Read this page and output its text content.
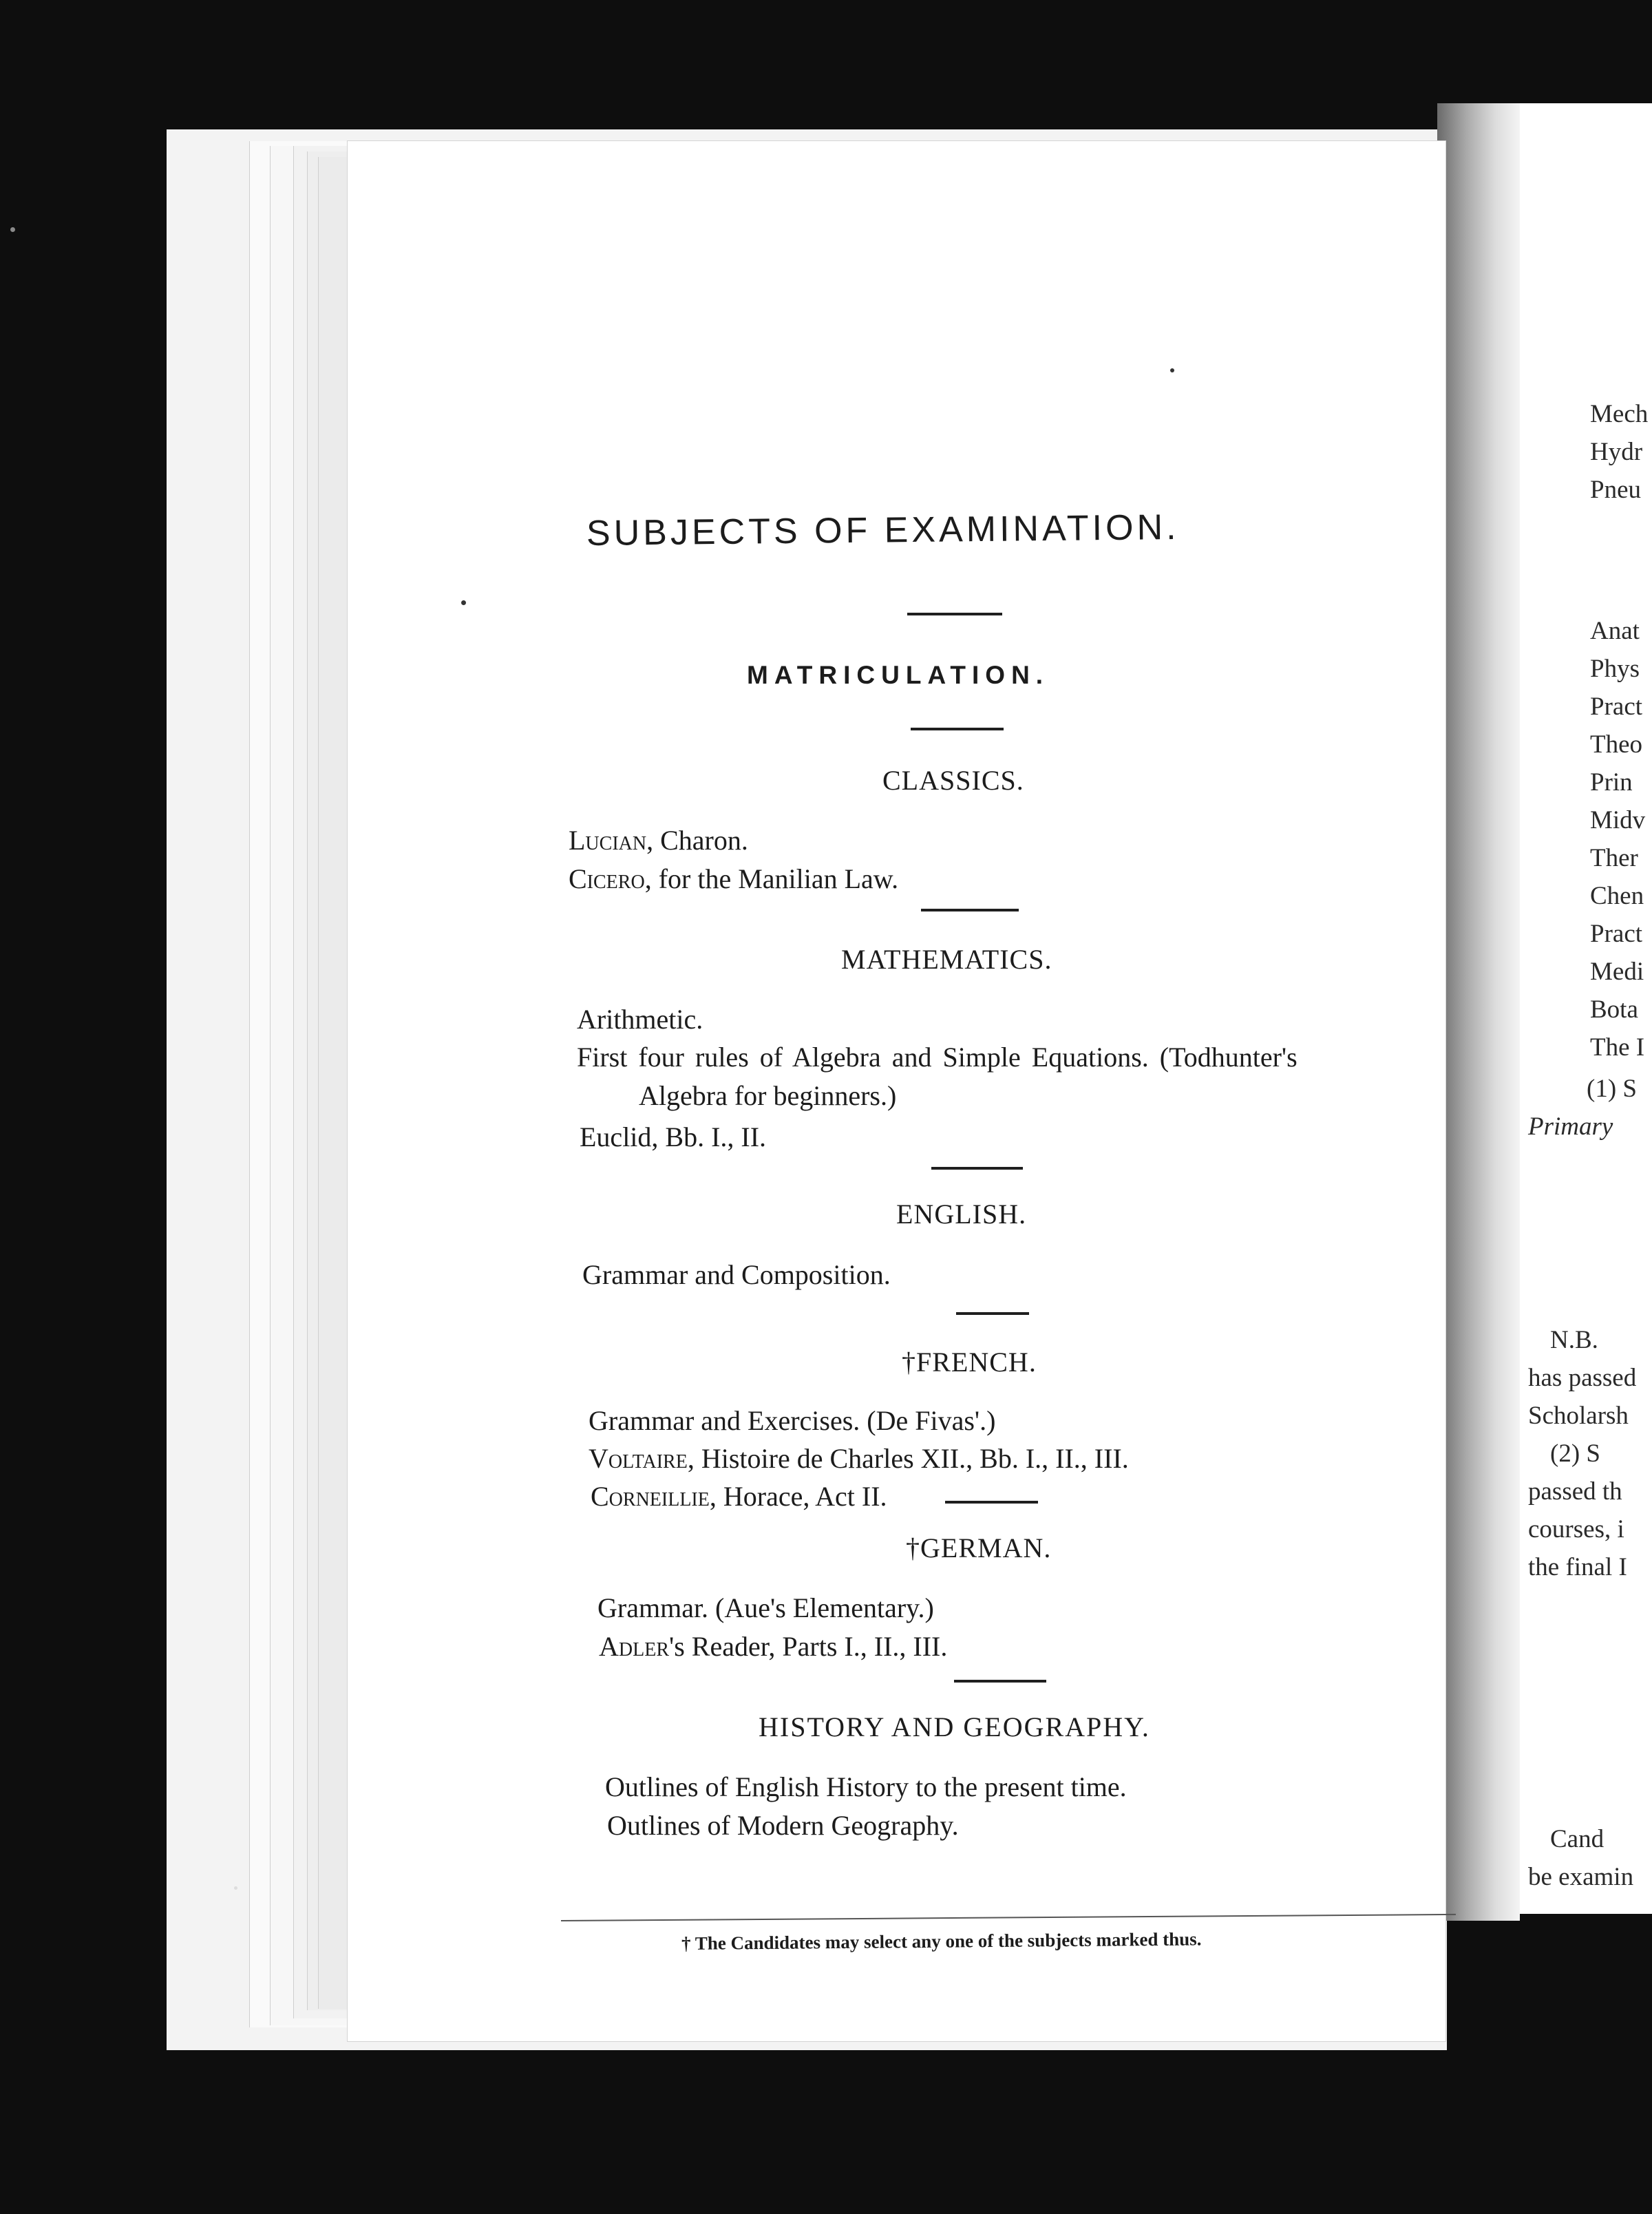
Mech
Hydr
Pneu
Anat
Phys
Pract
Theo
Prin
Midv
Ther
Chen
Pract
Medi
Bota
The I
(1) S
Primary
N.B.
has passed
Scholarsh
(2) S
passed th
courses, i
the final I
Cand
be examin
SUBJECTS OF EXAMINATION.
MATRICULATION.
CLASSICS.
Lucian, Charon.
Cicero, for the Manilian Law.
MATHEMATICS.
Arithmetic.
First four rules of Algebra and Simple Equations. (Todhunter's
Algebra for beginners.)
Euclid, Bb. I., II.
ENGLISH.
Grammar and Composition.
†FRENCH.
Grammar and Exercises. (De Fivas'.)
Voltaire, Histoire de Charles XII., Bb. I., II., III.
Corneillie, Horace, Act II.
†GERMAN.
Grammar. (Aue's Elementary.)
Adler's Reader, Parts I., II., III.
HISTORY AND GEOGRAPHY.
Outlines of English History to the present time.
Outlines of Modern Geography.
† The Candidates may select any one of the subjects marked thus.
